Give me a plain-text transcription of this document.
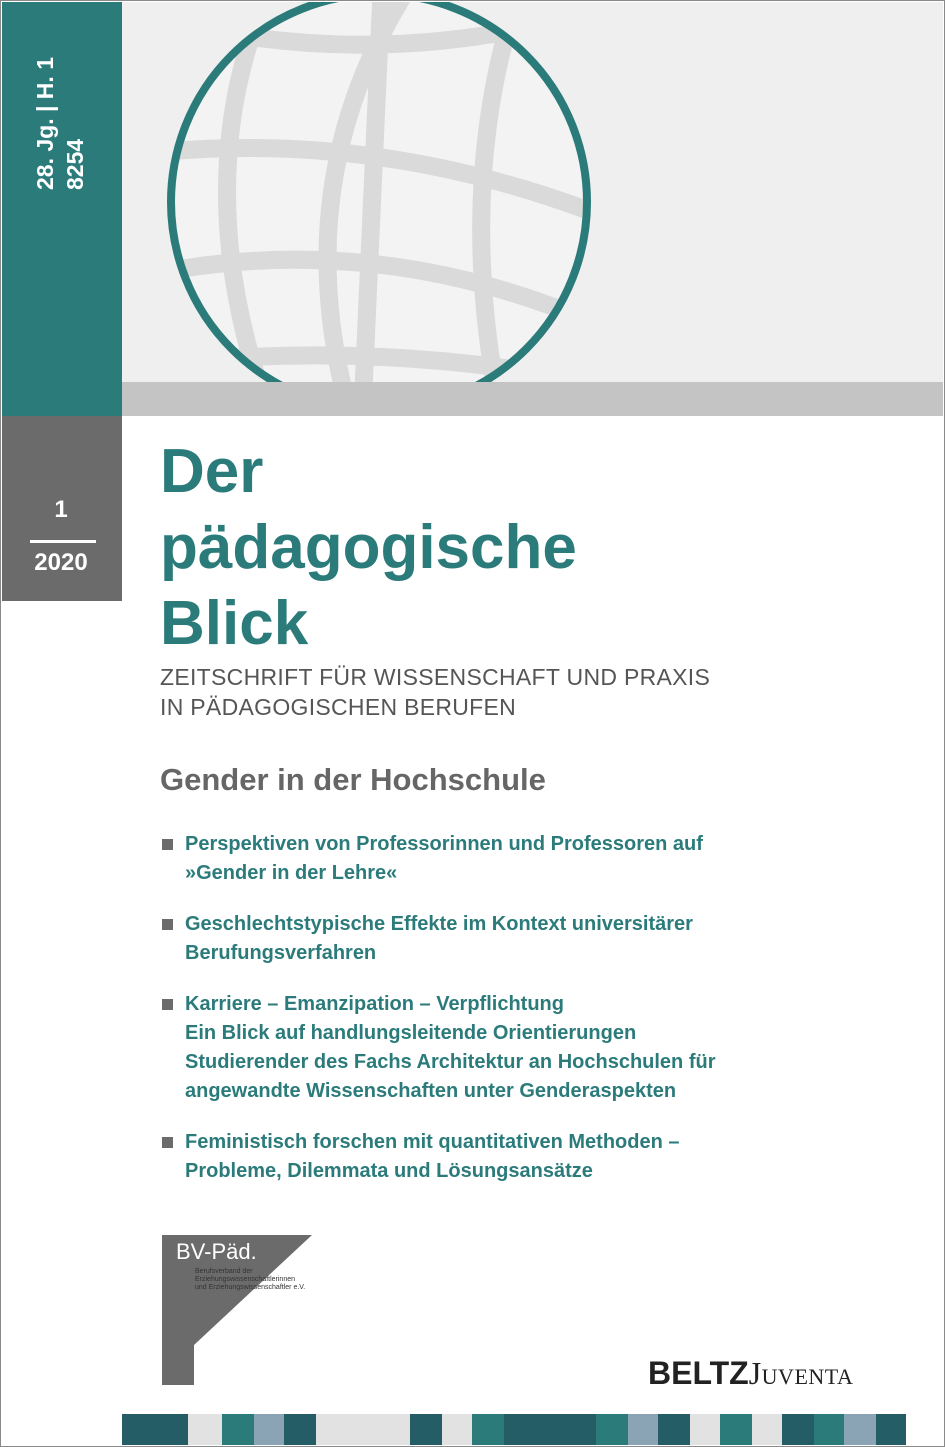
28. Jg. | H. 1 8254
1
2020
Der
pädagogische
Blick
ZEITSCHRIFT FÜR WISSENSCHAFT UND PRAXIS
IN PÄDAGOGISCHEN BERUFEN
Gender in der Hochschule
Perspektiven von Professorinnen und Professoren auf
»Gender in der Lehre«
Geschlechtstypische Effekte im Kontext universitärer
Berufungsverfahren
Karriere – Emanzipation – Verpflichtung
Ein Blick auf handlungsleitende Orientierungen
Studierender des Fachs Architektur an Hochschulen für
angewandte Wissenschaften unter Genderaspekten
Feministisch forschen mit quantitativen Methoden –
Probleme, Dilemmata und Lösungsansätze
BV-Päd.
Berufsverband der
Erziehungswissenschaftlerinnen
und Erziehungswissenschaftler e.V.
BELTZJuventa
